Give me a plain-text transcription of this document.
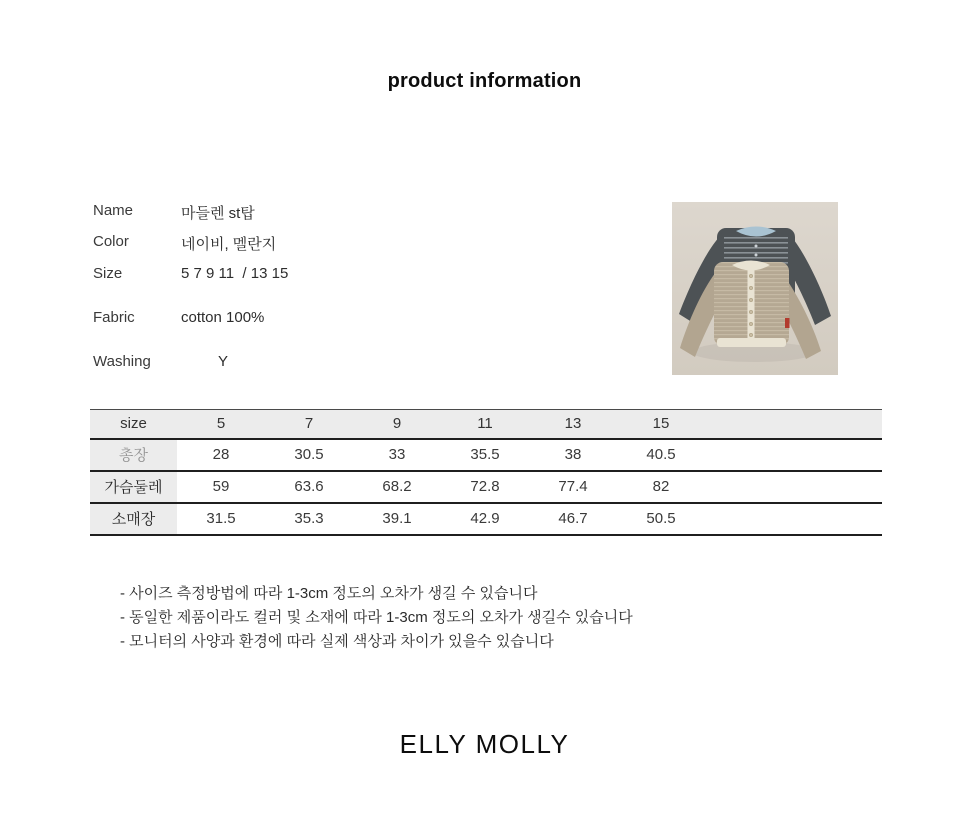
product information
Name	마들렌 st탑
Color	네이비, 멜란지
Size	5 7 9 11  / 13 15
Fabric	cotton 100%
Washing	Y
size	5	7	9	11	13	15	
총장	28	30.5	33	35.5	38	40.5	
가슴둘레	59	63.6	68.2	72.8	77.4	82	
소매장	31.5	35.3	39.1	42.9	46.7	50.5	
- 사이즈 측정방법에 따라 1-3cm 정도의 오차가 생길 수 있습니다
- 동일한 제품이라도 컬러 및 소재에 따라 1-3cm 정도의 오차가 생길수 있습니다
- 모니터의 사양과 환경에 따라 실제 색상과 차이가 있을수 있습니다
ELLY MOLLY
